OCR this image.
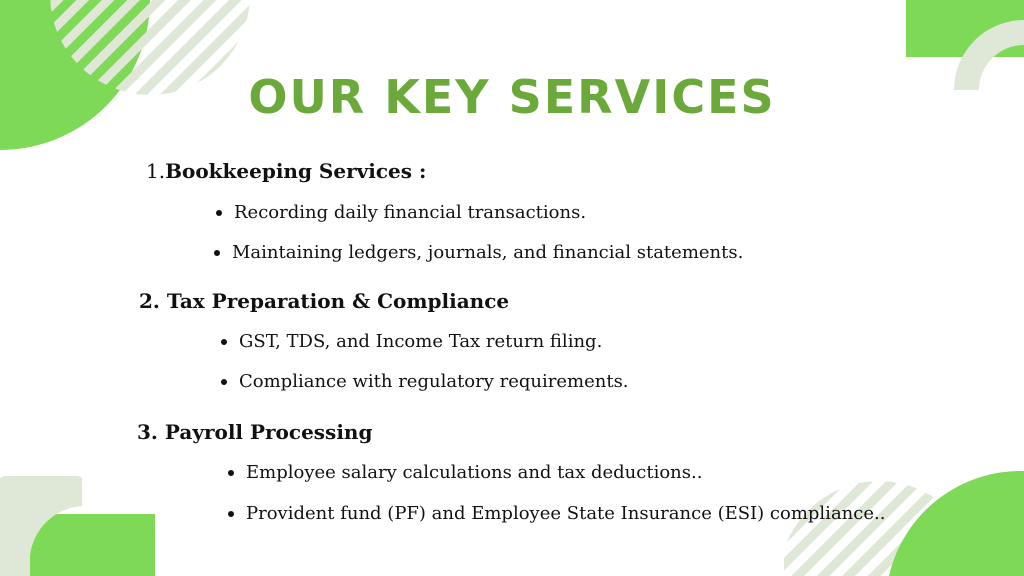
OUR KEY SERVICES
1.Bookkeeping Services :
Recording daily financial transactions.
Maintaining ledgers, journals, and financial statements.
2. Tax Preparation & Compliance
GST, TDS, and Income Tax return filing.
Compliance with regulatory requirements.
3. Payroll Processing
Employee salary calculations and tax deductions..
Provident fund (PF) and Employee State Insurance (ESI) compliance..
